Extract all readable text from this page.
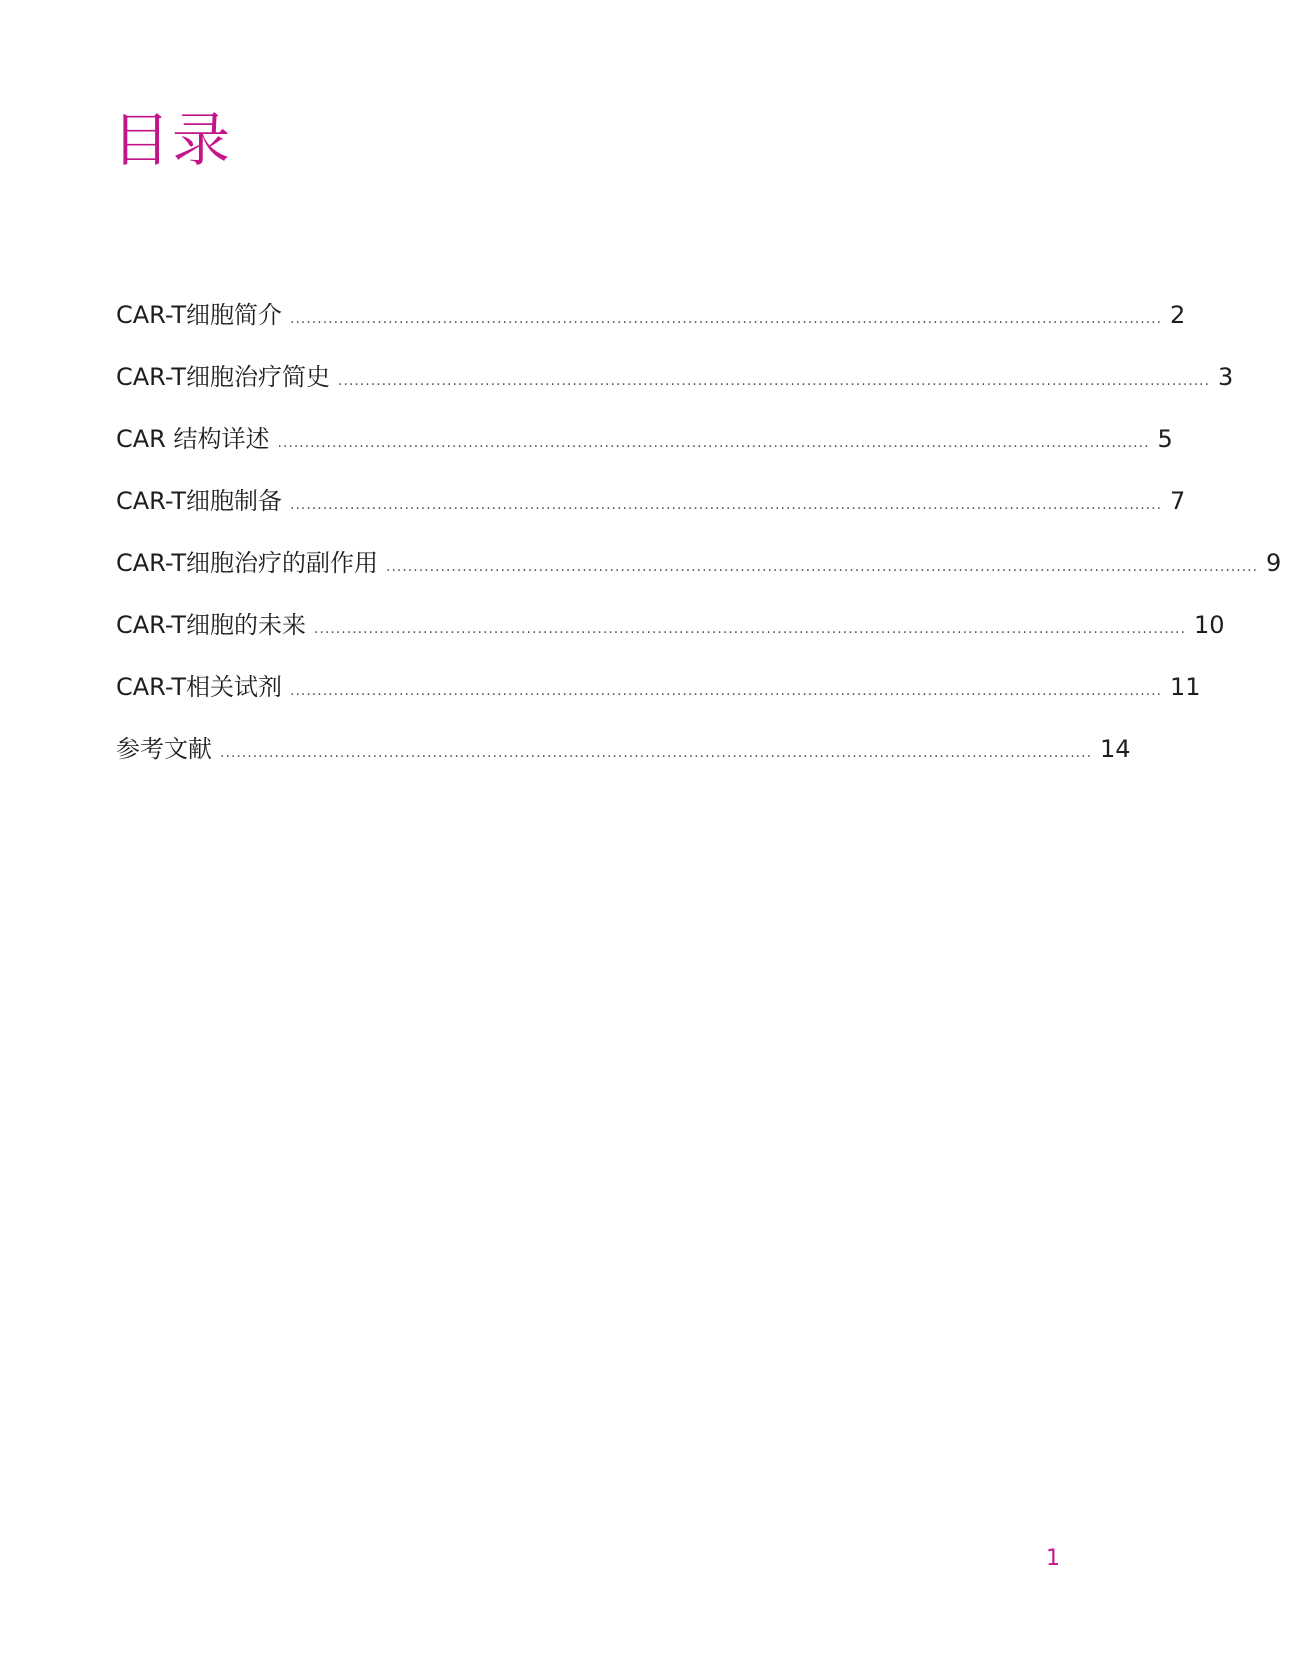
目录
CAR-T细胞简介 ................................................................................................................................................................ 2
CAR-T细胞治疗简史 ................................................................................................................................................................ 3
CAR 结构详述 ................................................................................................................................................................ 5
CAR-T细胞制备 ................................................................................................................................................................ 7
CAR-T细胞治疗的副作用 ................................................................................................................................................................ 9
CAR-T细胞的未来 ................................................................................................................................................................ 10
CAR-T相关试剂 ................................................................................................................................................................ 11
参考文献 ................................................................................................................................................................ 14
1
